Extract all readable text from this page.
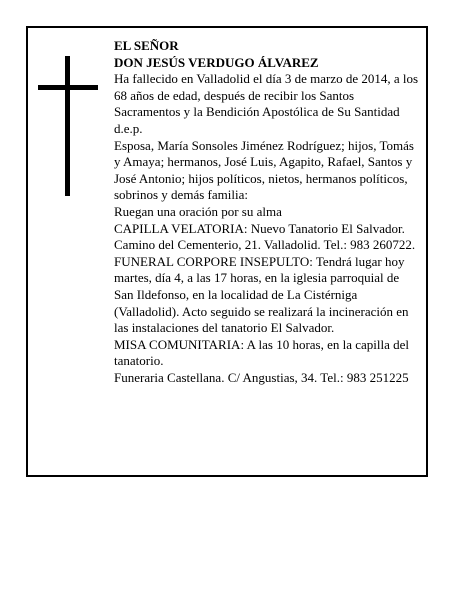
EL SEÑOR

DON JESÚS VERDUGO ÁLVAREZ

Ha fallecido en Valladolid el día 3 de marzo de 2014, a los 68 años de edad, después de recibir los Santos Sacramentos y la Bendición Apostólica de Su Santidad d.e.p.

Esposa, María Sonsoles Jiménez Rodríguez; hijos, Tomás y Amaya; hermanos, José Luis, Agapito, Rafael, Santos y José Antonio; hijos políticos, nietos, hermanos políticos, sobrinos y demás familia:

Ruegan una oración por su alma

CAPILLA VELATORIA: Nuevo Tanatorio El Salvador. Camino del Cementerio, 21. Valladolid. Tel.: 983 260722.

FUNERAL CORPORE INSEPULTO: Tendrá lugar hoy martes, día 4, a las 17 horas, en la iglesia parroquial de San Ildefonso, en la localidad de La Cistérniga (Valladolid). Acto seguido se realizará la incineración en las instalaciones del tanatorio El Salvador.

MISA COMUNITARIA: A las 10 horas, en la capilla del tanatorio.

Funeraria Castellana. C/ Angustias, 34. Tel.: 983 251225
